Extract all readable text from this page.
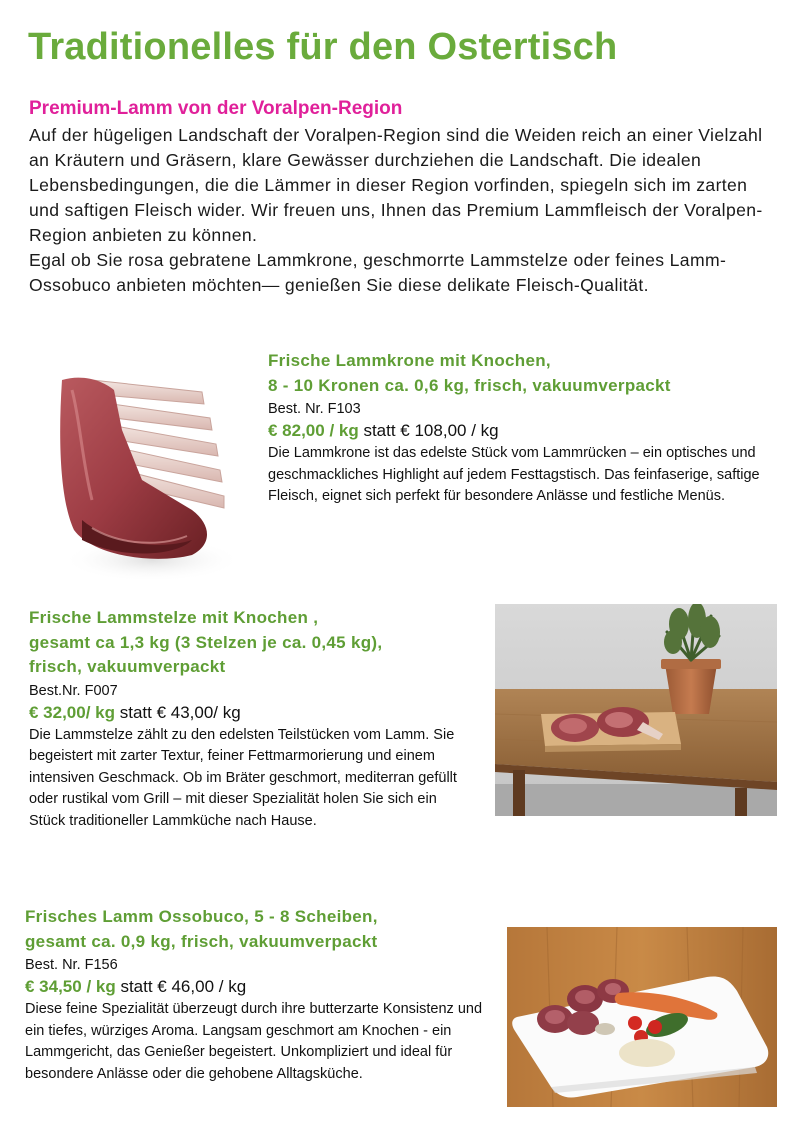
Traditionelles für den Ostertisch
Premium-Lamm von der Voralpen-Region

Auf der hügeligen Landschaft der Voralpen-Region sind die Weiden reich an einer Vielzahl an Kräutern und Gräsern, klare Gewässer durchziehen die Landschaft. Die idealen Lebensbedingungen, die die Lämmer in dieser Region vorfinden, spiegeln sich im zarten und saftigen Fleisch wider. Wir freuen uns, Ihnen das Premium Lammfleisch der Voralpen-Region anbieten zu können.

Egal ob Sie rosa gebratene Lammkrone, geschmorrte Lammstelze oder feines Lamm-Ossobuco anbieten möchten— genießen Sie diese delikate Fleisch-Qualität.

Frische Lammkrone mit Knochen,
8 - 10 Kronen ca. 0,6 kg, frisch, vakuumverpackt
Best. Nr. F103
€ 82,00 / kg statt € 108,00 / kg
Die Lammkrone ist das edelste Stück vom Lammrücken – ein optisches und geschmackliches Highlight auf jedem Festtagstisch. Das feinfaserige, saftige Fleisch, eignet sich perfekt für besondere Anlässe und festliche Menüs.
Frische Lammstelze mit Knochen ,
gesamt ca 1,3 kg (3 Stelzen je ca. 0,45 kg),
frisch, vakuumverpackt
Best.Nr. F007
€ 32,00/ kg statt € 43,00/ kg
Die Lammstelze zählt zu den edelsten Teilstücken vom Lamm. Sie begeistert mit zarter Textur, feiner Fettmarmorierung und einem intensiven Geschmack. Ob im Bräter geschmort, mediterran gefüllt oder rustikal vom Grill – mit dieser Spezialität holen Sie sich ein Stück traditioneller Lammküche nach Hause.
Frisches Lamm Ossobuco, 5 - 8 Scheiben,
gesamt ca. 0,9 kg, frisch, vakuumverpackt
Best. Nr. F156
€ 34,50 / kg statt € 46,00 / kg
Diese feine Spezialität überzeugt durch ihre butterzarte Konsistenz und ein tiefes, würziges Aroma. Langsam geschmort am Knochen - ein Lammgericht, das Genießer begeistert. Unkompliziert und ideal für besondere Anlässe oder die gehobene Alltagsküche.
